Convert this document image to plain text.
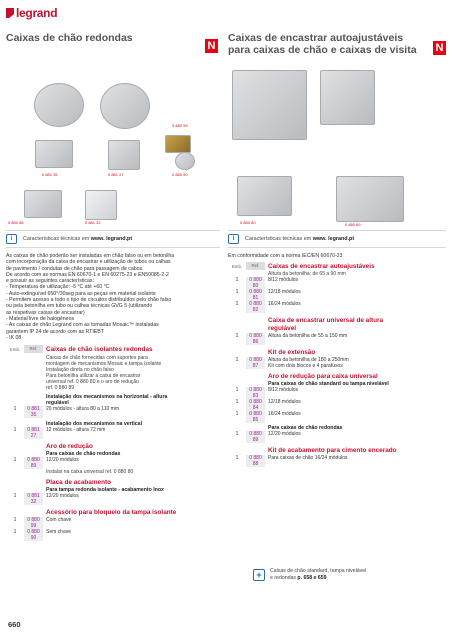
legrand
Caixas de chão redondas
N
Caixas de encastrar autoajustáveis
para caixas de chão e caixas de visita	N
0 881 35	0 881 27	0 880 90
0 880 99
0 880 86	0 881 32	0 880 80	0 880 89
i	Características técnicas em www. legrand.pt	i	Características técnicas em www. legrand.pt
As caixas de chão poderão ser instaladas em chão falso ou em betonilha
com incorporação da caixa de encastrar e utilização de tubos ou calhas
de pavimento / condutas de chão para passagem de cabos.
De acordo com as normas EN 60670-1 e EN 60275-23 e EN50085-2-2
e possuir as seguintes características:
- Temperatura de utilização: -5 °C até +60 °C
- Auto-extinguível 650°/30seg para as peças em material isolante
- Permitem acesso a todo o tipo de circuitos distribuídos pelo chão falso
ou pela betonilha em tubo ou calhas técnicas GVG 5 (utilizando
as respetivas caixas de encastrar)
- Material livre de halogéneos
- As caixas de chão Legrand com as tomadas Mosaic™ instaladas
garantem IP 24 de acordo com as RTIEBT
- IK 08
Emb.	Ref.	Caixas de chão isolantes redondas
Caixas de chão fornecidas com suportes para
montagem de mecanismos Mosaic e tampa isolante
Instalação direta no chão falso
Para betonilha utilizar a caixa de encastrar
universal ref. 0 880 80 e o aro de redução
ref. 0 880 89
Instalação dos mecanismos na horizontal - altura
regulável
1	0 881 35
20 módulos - altura 80 a 110 mm
Instalação dos mecanismos na vertical
1	0 881 27
12 módulos - altura 72 mm
Aro de redução
Para caixas de chão redondas
1	0 880 89
12/20 módulos
Instalar na caixa universal ref. 0 880 80
Placa de acabamento
Para tampa redonda isolante - acabamento Inox
1	0 881 32
12/20 módulos
Acessório para bloqueio da tampa isolante
1	0 880 99
Com chave
1	0 880 90
Sem chave
Em conformidade com a norma IEC/EN 60670-23
Emb.	Ref.	Caixas de encastrar autoajustáveis
Altura da betonilha: de 65 a 90 mm
1	0 880 80
8/12 módulos
1	0 880 81
12/18 módulos
1	0 880 82
16/24 módulos
Caixa de encastrar universal de altura
regulável
1	0 880 86
Altura da betonilha de 55 a 150 mm
Kit de extensão
1	0 880 87
Altura da betonilha de 180 a 250mm
Kit com dois blocos e 4 parafusos
Aro de redução para caixa universal
Para caixas de chão standard ou tampa nivelável
1	0 880 83
8/12 módulos
1	0 880 84
12/18 módulos
1	0 880 85
16/24 módulos
Para caixas de chão redondas
1	0 880 89
12/20 módulos
Kit de acabamento para cimento encerado
1	0 880 88
Para caixas de chão 16/24 módulos
+	Caixas de chão standard, tampa nivelável
e redondas p. 658 e 659
660
